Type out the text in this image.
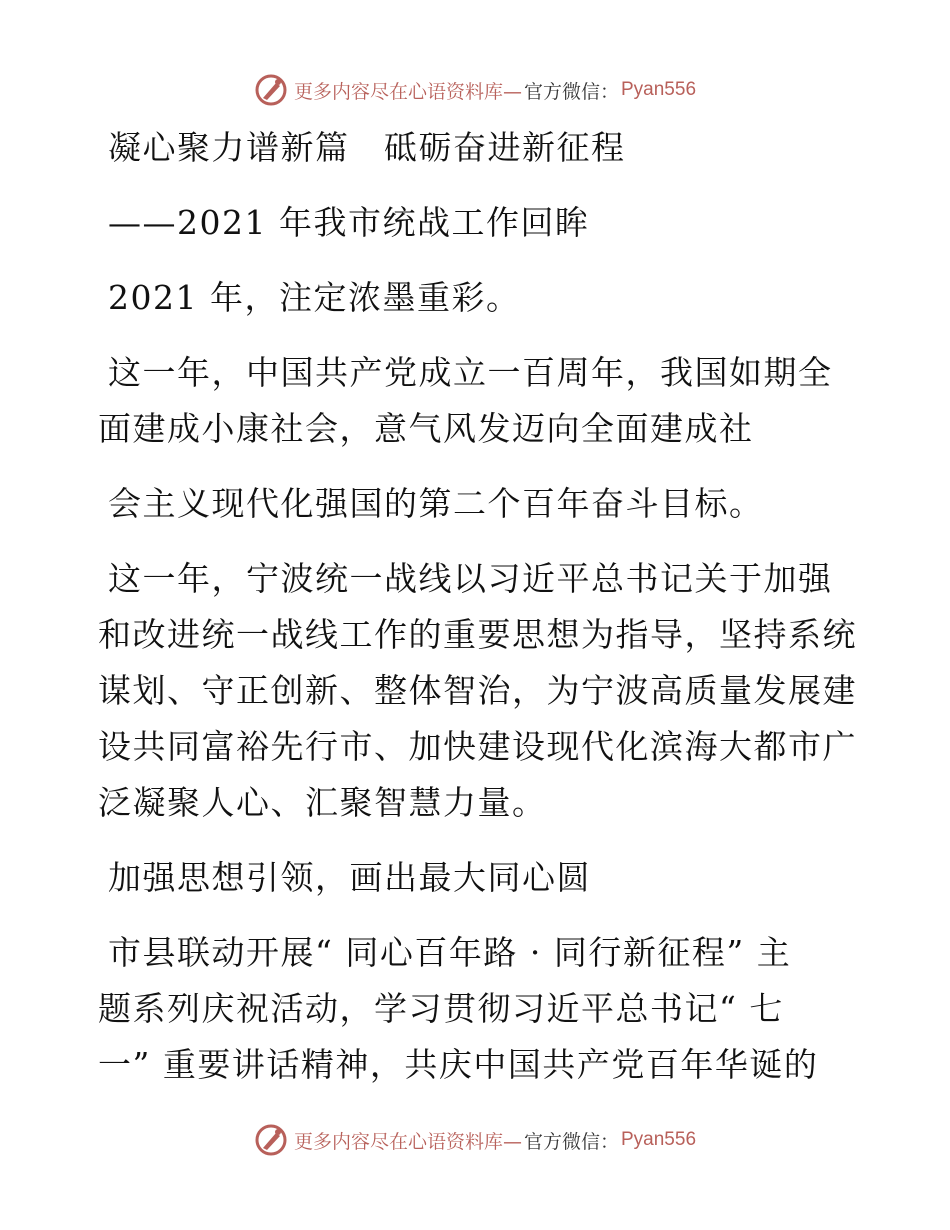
更多内容尽在心语资料库— 官方微信： Pyan556

凝心聚力谱新篇　砥砺奋进新征程

——2021 年我市统战工作回眸

2021 年，注定浓墨重彩。

这一年，中国共产党成立一百周年，我国如期全

面建成小康社会，意气风发迈向全面建成社

会主义现代化强国的第二个百年奋斗目标。

这一年，宁波统一战线以习近平总书记关于加强

和改进统一战线工作的重要思想为指导，坚持系统

谋划、守正创新、整体智治，为宁波高质量发展建

设共同富裕先行市、加快建设现代化滨海大都市广

泛凝聚人心、汇聚智慧力量。

加强思想引领，画出最大同心圆

市县联动开展“ 同心百年路 · 同行新征程” 主

题系列庆祝活动，学习贯彻习近平总书记“ 七

一” 重要讲话精神，共庆中国共产党百年华诞的

更多内容尽在心语资料库— 官方微信： Pyan556
